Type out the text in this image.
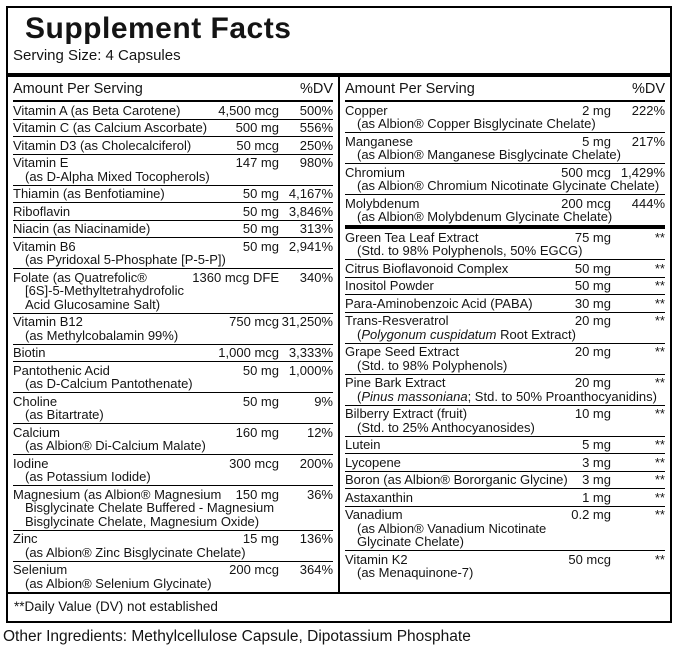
Supplement Facts
Serving Size: 4 Capsules
Amount Per Serving	%DV
Vitamin A (as Beta Carotene)	4,500 mcg	500%
Vitamin C (as Calcium Ascorbate)	500 mg	556%
Vitamin D3 (as Cholecalciferol)	50 mcg	250%
Vitamin E	147 mg	980%
(as D-Alpha Mixed Tocopherols)
Thiamin (as Benfotiamine)	50 mg 4,167%
Riboflavin	50 mg 3,846%
Niacin (as Niacinamide)	50 mg	313%
Vitamin B6	50 mg 2,941%
(as Pyridoxal 5-Phosphate [P-5-P])
Folate (as Quatrefolic®	1360 mcg DFE	340%
[6S]-5-Methyltetrahydrofolic
Acid Glucosamine Salt)
Vitamin B12	750 mcg 31,250%
(as Methylcobalamin 99%)
Biotin	1,000 mcg 3,333%
Pantothenic Acid	50 mg 1,000%
(as D-Calcium Pantothenate)
Choline	50 mg	9%
(as Bitartrate)
Calcium	160 mg	12%
(as Albion® Di-Calcium Malate)
Iodine	300 mcg	200%
(as Potassium Iodide)
Magnesium (as Albion® Magnesium	150 mg	36%
Bisglycinate Chelate Buffered - Magnesium
Bisglycinate Chelate, Magnesium Oxide)
Zinc	15 mg	136%
(as Albion® Zinc Bisglycinate Chelate)
Selenium	200 mcg	364%
(as Albion® Selenium Glycinate)
Amount Per Serving	%DV
Copper	2 mg	222%
(as Albion® Copper Bisglycinate Chelate)
Manganese	5 mg	217%
(as Albion® Manganese Bisglycinate Chelate)
Chromium	500 mcg 1,429%
(as Albion® Chromium Nicotinate Glycinate Chelate)
Molybdenum	200 mcg	444%
(as Albion® Molybdenum Glycinate Chelate)
Green Tea Leaf Extract	75 mg	**
(Std. to 98% Polyphenols, 50% EGCG)
Citrus Bioflavonoid Complex	50 mg	**
Inositol Powder	50 mg	**
Para-Aminobenzoic Acid (PABA)	30 mg	**
Trans-Resveratrol	20 mg	**
(Polygonum cuspidatum Root Extract)
Grape Seed Extract	20 mg	**
(Std. to 98% Polyphenols)
Pine Bark Extract	20 mg	**
(Pinus massoniana; Std. to 50% Proanthocyanidins)
Bilberry Extract (fruit)	10 mg	**
(Std. to 25% Anthocyanosides)
Lutein	5 mg	**
Lycopene	3 mg	**
Boron (as Albion® Bororganic Glycine)	3 mg	**
Astaxanthin	1 mg	**
Vanadium	0.2 mg	**
(as Albion® Vanadium Nicotinate
Glycinate Chelate)
Vitamin K2	50 mcg	**
(as Menaquinone-7)
**Daily Value (DV) not established
Other Ingredients: Methylcellulose Capsule, Dipotassium Phosphate
